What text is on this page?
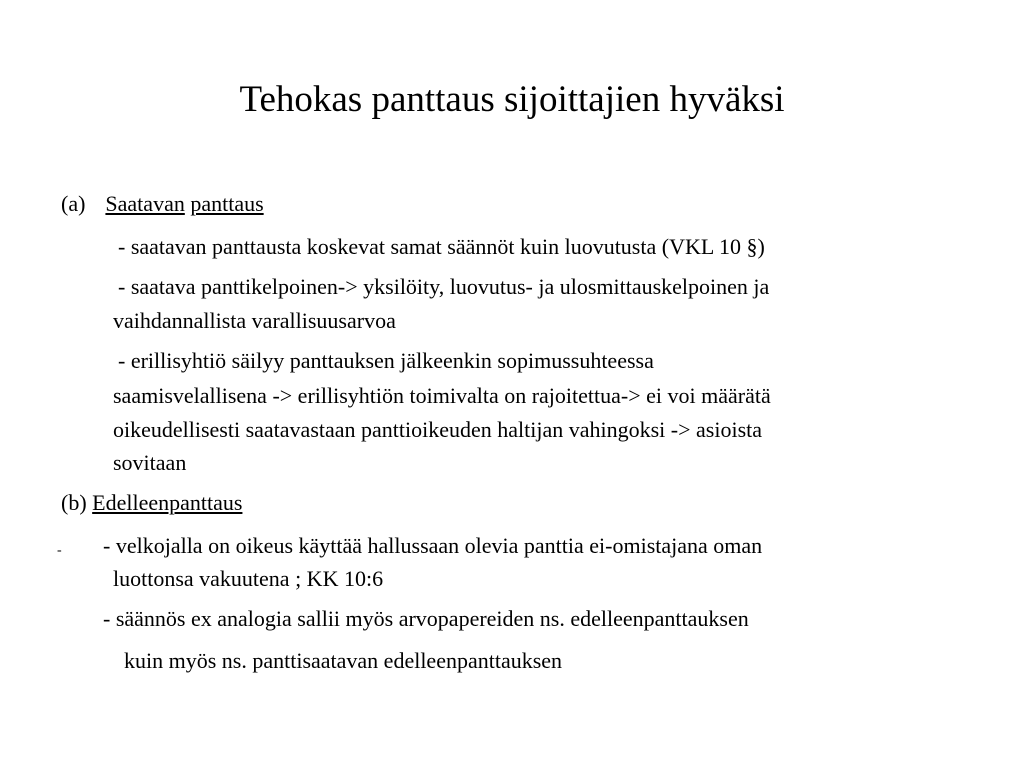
Tehokas panttaus sijoittajien hyväksi
(a) Saatavan panttaus
- saatavan panttausta koskevat samat säännöt kuin luovutusta (VKL 10 §)
- saatava panttikelpoinen-> yksilöity, luovutus- ja ulosmittauskelpoinen ja
vaihdannallista varallisuusarvoa
- erillisyhtiö säilyy panttauksen jälkeenkin sopimussuhteessa
saamisvelallisena -> erillisyhtiön toimivalta on rajoitettua-> ei voi määrätä
oikeudellisesti saatavastaan panttioikeuden haltijan vahingoksi -> asioista
sovitaan
(b) Edelleenpanttaus
- - velkojalla on oikeus käyttää hallussaan olevia panttia ei-omistajana oman
luottonsa vakuutena ; KK 10:6
- säännös ex analogia sallii myös arvopapereiden ns. edelleenpanttauksen
kuin myös ns. panttisaatavan edelleenpanttauksen
